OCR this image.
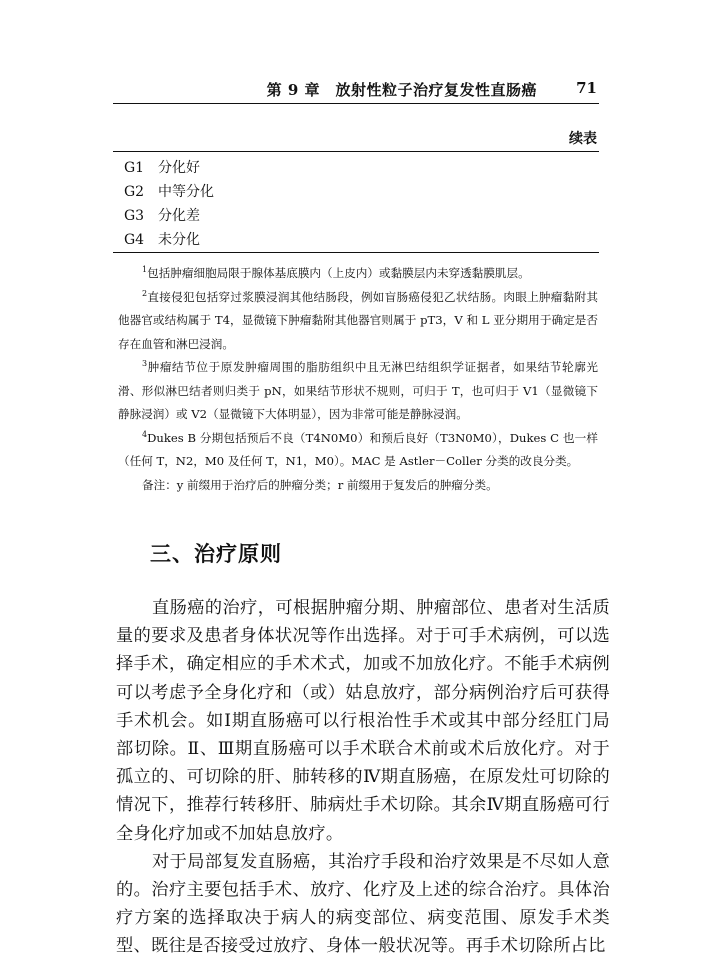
第 9 章　放射性粒子治疗复发性直肠癌	71
续表
G1 分化好
G2 中等分化
G3 分化差
G4 未分化

$^1$包括肿瘤细胞局限于腺体基底膜内（上皮内）或黏膜层内未穿透黏膜肌层。

$^2$直接侵犯包括穿过浆膜浸润其他结肠段，例如盲肠癌侵犯乙状结肠。肉眼上肿瘤黏附其他器官或结构属于 T4，显微镜下肿瘤黏附其他器官则属于 pT3，V 和 L 亚分期用于确定是否存在血管和淋巴浸润。

$^3$肿瘤结节位于原发肿瘤周围的脂肪组织中且无淋巴结组织学证据者，如果结节轮廓光滑、形似淋巴结者则归类于 pN，如果结节形状不规则，可归于 T，也可归于 V1（显微镜下静脉浸润）或 V2（显微镜下大体明显），因为非常可能是静脉浸润。

$^4$Dukes B 分期包括预后不良（T4N0M0）和预后良好（T3N0M0），Dukes C 也一样（任何 T，N2，M0 及任何 T，N1，M0）。MAC 是 Astler－Coller 分类的改良分类。

备注：y 前缀用于治疗后的肿瘤分类；r 前缀用于复发后的肿瘤分类。

三、治疗原则

直肠癌的治疗，可根据肿瘤分期、肿瘤部位、患者对生活质量的要求及患者身体状况等作出选择。对于可手术病例，可以选择手术，确定相应的手术术式，加或不加放化疗。不能手术病例可以考虑予全身化疗和（或）姑息放疗，部分病例治疗后可获得手术机会。如Ⅰ期直肠癌可以行根治性手术或其中部分经肛门局部切除。Ⅱ、Ⅲ期直肠癌可以手术联合术前或术后放化疗。对于孤立的、可切除的肝、肺转移的Ⅳ期直肠癌，在原发灶可切除的情况下，推荐行转移肝、肺病灶手术切除。其余Ⅳ期直肠癌可行全身化疗加或不加姑息放疗。

对于局部复发直肠癌，其治疗手段和治疗效果是不尽如人意的。治疗主要包括手术、放疗、化疗及上述的综合治疗。具体治疗方案的选择取决于病人的病变部位、病变范围、原发手术类型、既往是否接受过放疗、身体一般状况等。再手术切除所占比
